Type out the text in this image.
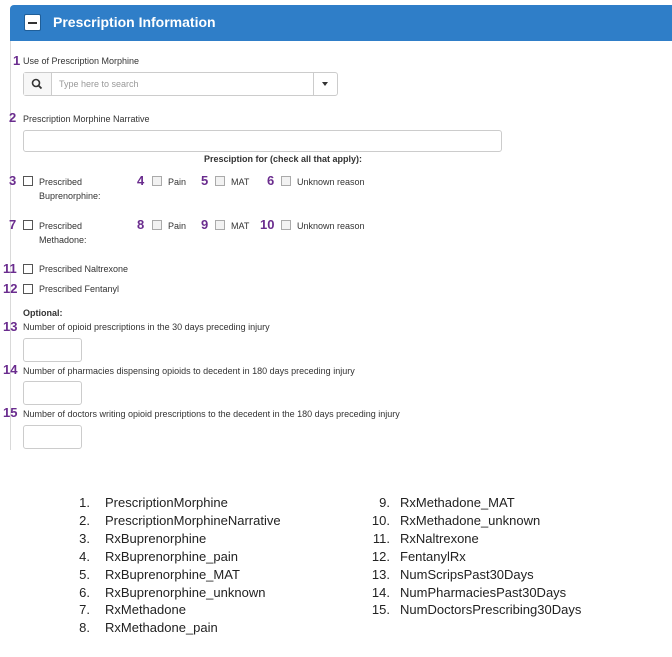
Prescription Information
1 Use of Prescription Morphine
Type here to search
2 Prescription Morphine Narrative
Presciption for (check all that apply):
3	Prescribed
Buprenorphine:
4	Pain 5	MAT 6	Unknown reason
7	Prescribed
Methadone:
8	Pain 9	MAT 10	Unknown reason
11 Prescribed Naltrexone
12 Prescribed Fentanyl
Optional:
13 Number of opioid prescriptions in the 30 days preceding injury
14 Number of pharmacies dispensing opioids to decedent in 180 days preceding injury
15 Number of doctors writing opioid prescriptions to the decedent in the 180 days preceding injury
1. PrescriptionMorphine
2. PrescriptionMorphineNarrative
3. RxBuprenorphine
4. RxBuprenorphine_pain
5. RxBuprenorphine_MAT
6. RxBuprenorphine_unknown
7. RxMethadone
8. RxMethadone_pain
9. RxMethadone_MAT
10. RxMethadone_unknown
11. RxNaltrexone
12. FentanylRx
13. NumScripsPast30Days
14. NumPharmaciesPast30Days
15. NumDoctorsPrescribing30Days
